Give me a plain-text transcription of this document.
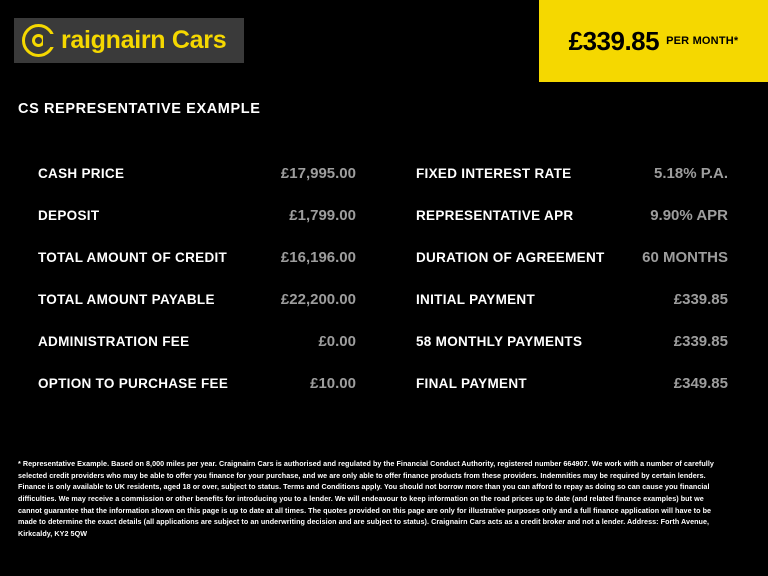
raignairn Cars	£339.85 PER MONTH*
CS REPRESENTATIVE EXAMPLE
CASH PRICE	£17,995.00
DEPOSIT	£1,799.00
TOTAL AMOUNT OF CREDIT	£16,196.00
TOTAL AMOUNT PAYABLE	£22,200.00
ADMINISTRATION FEE	£0.00
OPTION TO PURCHASE FEE	£10.00
FIXED INTEREST RATE	5.18% P.A.
REPRESENTATIVE APR	9.90% APR
DURATION OF AGREEMENT	60 MONTHS
INITIAL PAYMENT	£339.85
58 MONTHLY PAYMENTS	£339.85
FINAL PAYMENT	£349.85
* Representative Example. Based on 8,000 miles per year. Craignairn Cars is authorised and regulated by the Financial Conduct Authority, registered number 664907. We work with a number of carefully selected credit providers who may be able to offer you finance for your purchase, and we are only able to offer finance products from these providers. Indemnities may be required by certain lenders. Finance is only available to UK residents, aged 18 or over, subject to status. Terms and Conditions apply. You should not borrow more than you can afford to repay as doing so can cause you financial difficulties. We may receive a commission or other benefits for introducing you to a lender. We will endeavour to keep information on the road prices up to date (and related finance examples) but we cannot guarantee that the information shown on this page is up to date at all times. The quotes provided on this page are only for illustrative purposes only and a full finance application will have to be made to determine the exact details (all applications are subject to an underwriting decision and are subject to status). Craignairn Cars acts as a credit broker and not a lender. Address: Forth Avenue, Kirkcaldy, KY2 5QW
